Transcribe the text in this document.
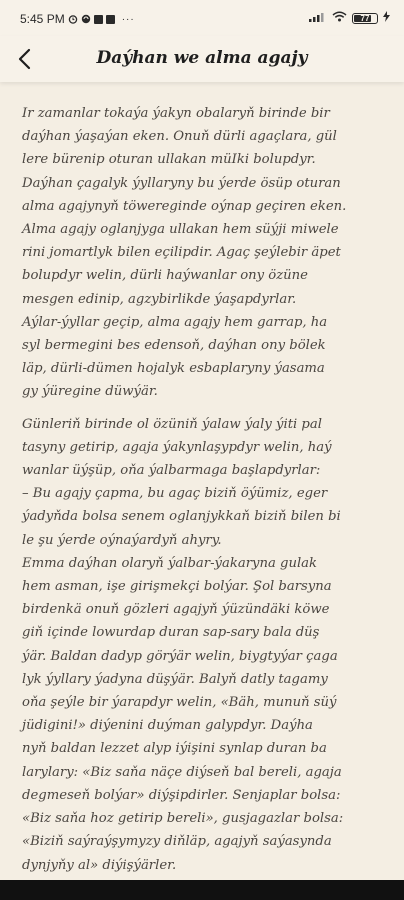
5:45 PM	···	77
Daýhan we alma agajy

Ir zamanlar tokaýa ýakyn obalaryň birinde bir
daýhan ýaşaýan eken. Onuň dürli agaçlara, gül
lere bürenip oturan ullakan müIki bolupdyr.
Daýhan çagalyk ýyllaryny bu ýerde ösüp oturan
alma agajynyň töwereginde oýnap geçiren eken.
Alma agajy oglanjyga ullakan hem süýji miwele
rini jomartlyk bilen eçilipdir. Agaç şeýlebir äpet
bolupdyr welin, dürli haýwanlar ony özüne
mesgen edinip, agzybirlikde ýaşapdyrlar.
Aýlar-ýyllar geçip, alma agajy hem garrap, ha
syl bermegini bes edensoň, daýhan ony bölek
läp, dürli-dümen hojalyk esbaplaryny ýasama
gy ýüregine düwýär.

Günleriň birinde ol özüniň ýalaw ýaly ýiti pal
tasyny getirip, agaja ýakynlaşypdyr welin, haý
wanlar üýşüp, oňa ýalbarmaga başlapdyrlar:
– Bu agajy çapma, bu agaç biziň öýümiz, eger
ýadyňda bolsa senem oglanjykkaň biziň bilen bi
le şu ýerde oýnaýardyň ahyry.
Emma daýhan olaryň ýalbar-ýakaryna gulak
hem asman, işe girişmekçi bolýar. Şol barsyna
birdenkä onuň gözleri agajyň ýüzündäki köwe
giň içinde lowurdap duran sap-sary bala düş
ýär. Baldan dadyp görýär welin, biygtyýar çaga
lyk ýyllary ýadyna düşýär. Balyň datly tagamy
oňa şeýle bir ýarapdyr welin, «Bäh, munuň süý
jüdigini!» diýenini duýman galypdyr. Daýha
nyň baldan lezzet alyp iýişini synlap duran ba
larylary: «Biz saňa näçe diýseň bal bereli, agaja
degmeseň bolýar» diýşipdirler. Senjaplar bolsa:
«Biz saňa hoz getirip bereli», gusjagazlar bolsa:
«Biziň saýraýşymyzy diňläp, agajyň saýasynda
dynjyňy al» diýişýärler.
